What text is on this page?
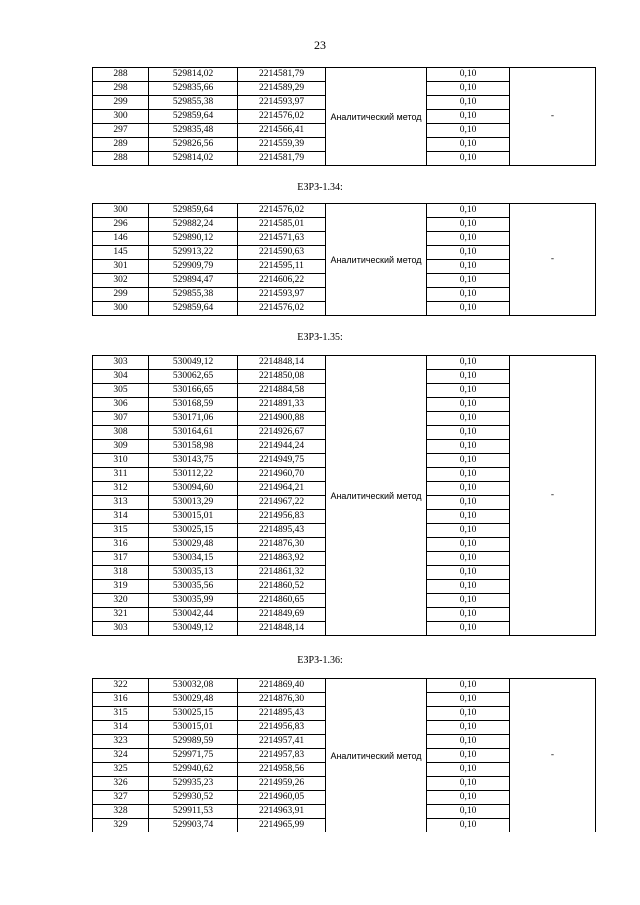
23
288	529814,02	2214581,79	Аналитический метод	0,10	-
298	529835,66	2214589,29		0,10	
299	529855,38	2214593,97		0,10	
300	529859,64	2214576,02		0,10	
297	529835,48	2214566,41		0,10	
289	529826,56	2214559,39		0,10	
288	529814,02	2214581,79		0,10	
ЕЗРЗ-1.34:
300	529859,64	2214576,02	Аналитический метод	0,10	-
296	529882,24	2214585,01		0,10	
146	529890,12	2214571,63		0,10	
145	529913,22	2214590,63		0,10	
301	529909,79	2214595,11		0,10	
302	529894,47	2214606,22		0,10	
299	529855,38	2214593,97		0,10	
300	529859,64	2214576,02		0,10	
ЕЗРЗ-1.35:
303	530049,12	2214848,14	Аналитический метод	0,10	-
304	530062,65	2214850,08		0,10	
305	530166,65	2214884,58		0,10	
306	530168,59	2214891,33		0,10	
307	530171,06	2214900,88		0,10	
308	530164,61	2214926,67		0,10	
309	530158,98	2214944,24		0,10	
310	530143,75	2214949,75		0,10	
311	530112,22	2214960,70		0,10	
312	530094,60	2214964,21		0,10	
313	530013,29	2214967,22		0,10	
314	530015,01	2214956,83		0,10	
315	530025,15	2214895,43		0,10	
316	530029,48	2214876,30		0,10	
317	530034,15	2214863,92		0,10	
318	530035,13	2214861,32		0,10	
319	530035,56	2214860,52		0,10	
320	530035,99	2214860,65		0,10	
321	530042,44	2214849,69		0,10	
303	530049,12	2214848,14		0,10	
ЕЗРЗ-1.36:
322	530032,08	2214869,40	Аналитический метод	0,10	-
316	530029,48	2214876,30		0,10	
315	530025,15	2214895,43		0,10	
314	530015,01	2214956,83		0,10	
323	529989,59	2214957,41		0,10	
324	529971,75	2214957,83		0,10	
325	529940,62	2214958,56		0,10	
326	529935,23	2214959,26		0,10	
327	529930,52	2214960,05		0,10	
328	529911,53	2214963,91		0,10	
329	529903,74	2214965,99		0,10	
